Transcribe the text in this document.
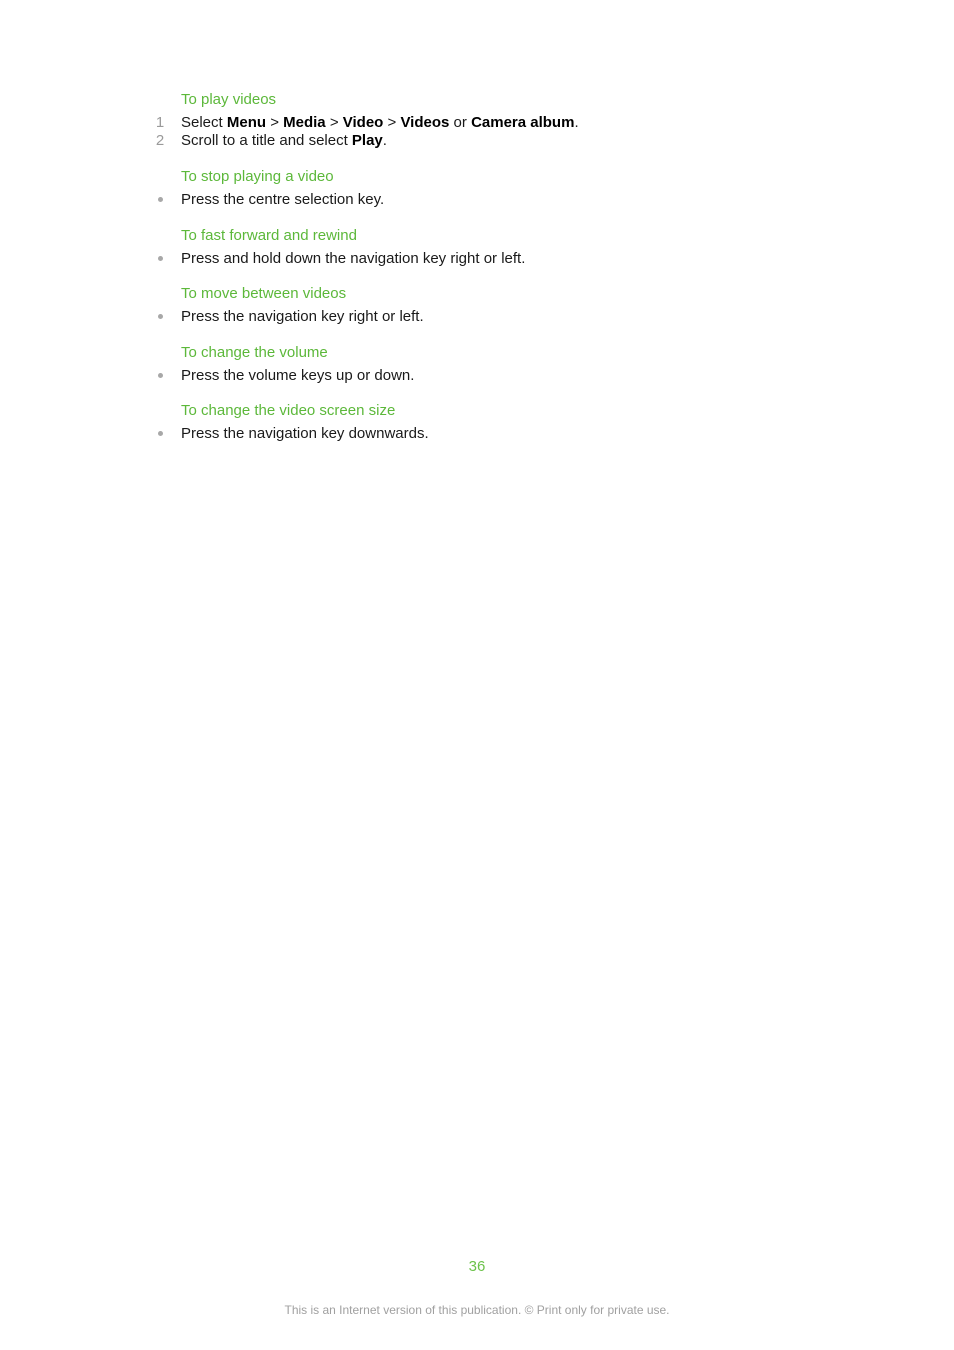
To play videos
1	Select Menu > Media > Video > Videos or Camera album.
2	Scroll to a title and select Play.
To stop playing a video
Press the centre selection key.
To fast forward and rewind
Press and hold down the navigation key right or left.
To move between videos
Press the navigation key right or left.
To change the volume
Press the volume keys up or down.
To change the video screen size
Press the navigation key downwards.
36
This is an Internet version of this publication. © Print only for private use.
